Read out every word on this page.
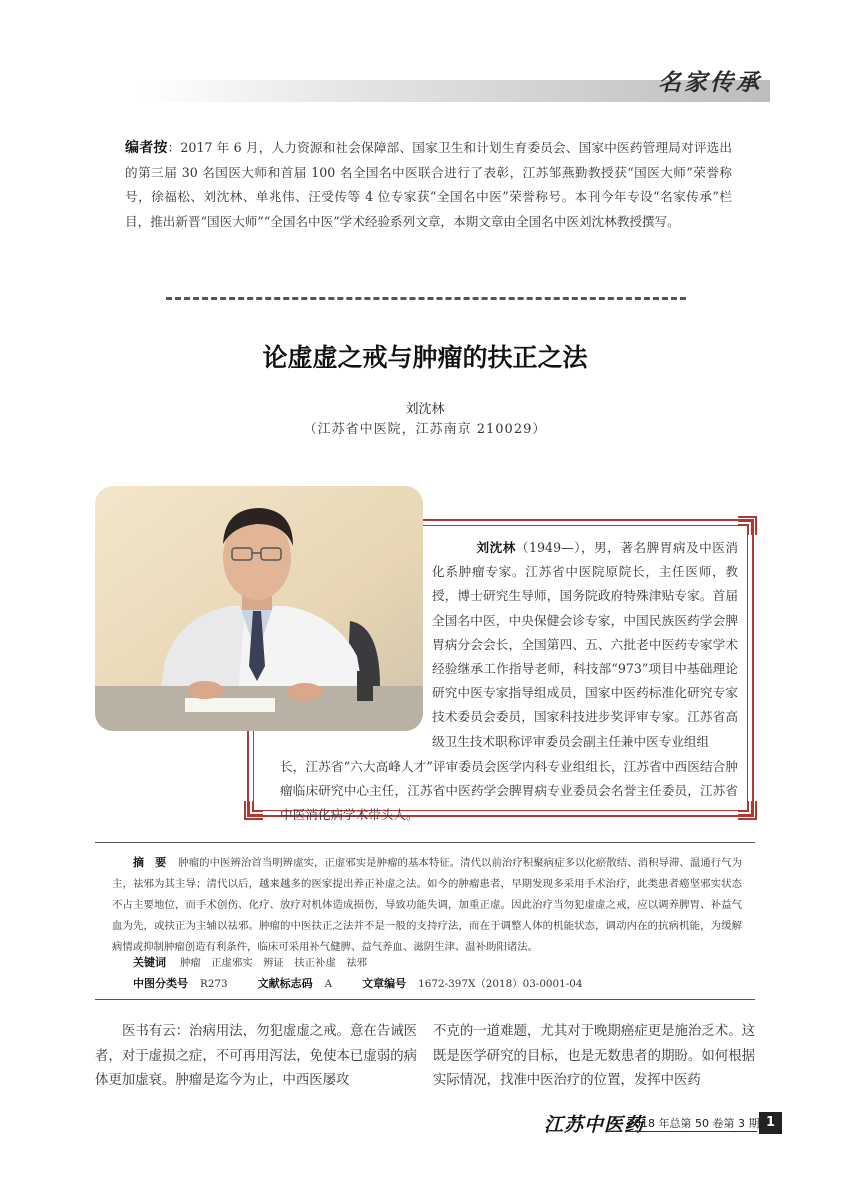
名家传承
编者按：2017 年 6 月，人力资源和社会保障部、国家卫生和计划生育委员会、国家中医药管理局对评选出的第三届 30 名国医大师和首届 100 名全国名中医联合进行了表彰，江苏邹燕勤教授获“国医大师”荣誉称号，徐福松、刘沈林、单兆伟、汪受传等 4 位专家获“全国名中医”荣誉称号。本刊今年专设“名家传承”栏目，推出新晋“国医大师”“全国名中医”学术经验系列文章，本期文章由全国名中医刘沈林教授撰写。
论虚虚之戒与肿瘤的扶正之法
刘沈林
（江苏省中医院，江苏南京 210029）
刘沈林（1949—），男，著名脾胃病及中医消化系肿瘤专家。江苏省中医院原院长，主任医师，教授，博士研究生导师，国务院政府特殊津贴专家。首届全国名中医，中央保健会诊专家，中国民族医药学会脾胃病分会会长，全国第四、五、六批老中医药专家学术经验继承工作指导老师，科技部“973”项目中基础理论研究中医专家指导组成员，国家中医药标准化研究专家技术委员会委员，国家科技进步奖评审专家。江苏省高级卫生技术职称评审委员会副主任兼中医专业组组
长，江苏省“六大高峰人才”评审委员会医学内科专业组组长，江苏省中西医结合肿瘤临床研究中心主任，江苏省中医药学会脾胃病专业委员会名誉主任委员，江苏省中医消化病学术带头人。
摘　要 肿瘤的中医辨治首当明辨虚实，正虚邪实是肿瘤的基本特征。清代以前治疗积聚病症多以化瘀散结、消积导滞、温通行气为主，祛邪为其主导；清代以后，越来越多的医家提出养正补虚之法。如今的肿瘤患者，早期发现多采用手术治疗，此类患者癌坚邪实状态不占主要地位，而手术创伤、化疗、放疗对机体造成损伤，导致功能失调，加重正虚。因此治疗当勿犯虚虚之戒，应以调养脾胃、补益气血为先，或扶正为主辅以祛邪。肿瘤的中医扶正之法并不是一般的支持疗法，而在于调整人体的机能状态，调动内在的抗病机能，为缓解病情或抑制肿瘤创造有利条件，临床可采用补气健脾、益气养血、滋阴生津、温补助阳诸法。
关键词 肿瘤　正虚邪实　辨证　扶正补虚　祛邪
中图分类号 R273	文献标志码 A	文章编号 1672-397X（2018）03-0001-04
医书有云：治病用法，勿犯虚虚之戒。意在告诫医者，对于虚损之症，不可再用泻法，免使本已虚弱的病体更加虚衰。肿瘤是迄今为止，中西医屡攻
不克的一道难题，尤其对于晚期癌症更是施治乏术。这既是医学研究的目标，也是无数患者的期盼。如何根据实际情况，找准中医治疗的位置，发挥中医药
江苏中医药
2018 年总第 50 卷第 3 期 1
